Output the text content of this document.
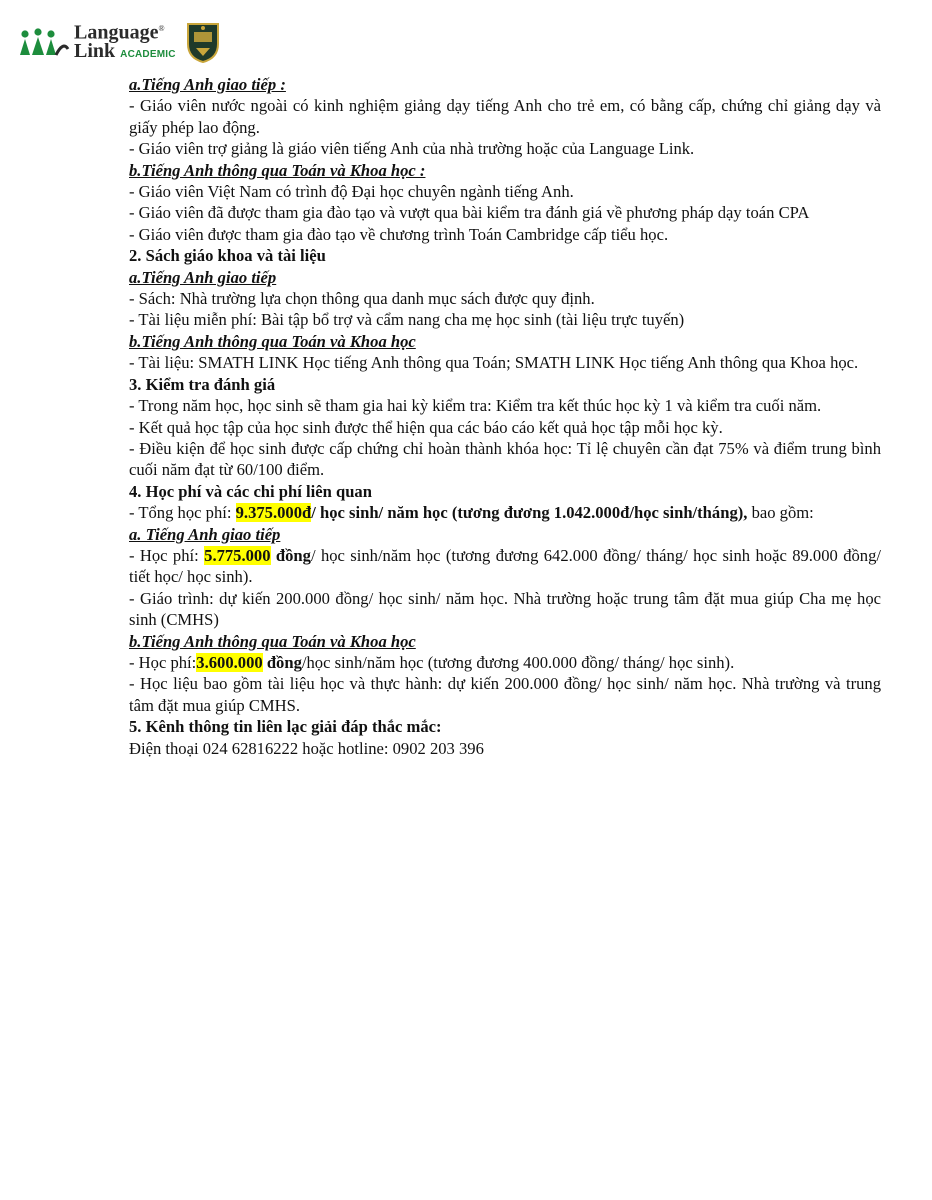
Language®
Link ACADEMIC

a.Tiếng Anh giao tiếp :

- Giáo viên nước ngoài có kinh nghiệm giảng dạy tiếng Anh cho trẻ em, có bằng cấp, chứng chỉ giảng dạy và giấy phép lao động.

- Giáo viên trợ giảng là giáo viên tiếng Anh của nhà trường hoặc của Language Link.

b.Tiếng Anh thông qua Toán và Khoa học :

- Giáo viên Việt Nam có trình độ Đại học chuyên ngành tiếng Anh.

- Giáo viên đã được tham gia đào tạo và vượt qua bài kiểm tra đánh giá về phương pháp dạy toán CPA

- Giáo viên được tham gia đào tạo về chương trình Toán Cambridge cấp tiểu học.

2. Sách giáo khoa và tài liệu

a.Tiếng Anh giao tiếp

- Sách: Nhà trường lựa chọn thông qua danh mục sách được quy định.

- Tài liệu miễn phí: Bài tập bổ trợ và cẩm nang cha mẹ học sinh (tài liệu trực tuyến)

b.Tiếng Anh thông qua Toán và Khoa học

- Tài liệu: SMATH LINK Học tiếng Anh thông qua Toán; SMATH LINK Học tiếng Anh thông qua Khoa học.

3. Kiểm tra đánh giá

- Trong năm học, học sinh sẽ tham gia hai kỳ kiểm tra: Kiểm tra kết thúc học kỳ 1 và kiểm tra cuối năm.

- Kết quả học tập của học sinh được thể hiện qua các báo cáo kết quả học tập mỗi học kỳ.

- Điều kiện để học sinh được cấp chứng chỉ hoàn thành khóa học: Tỉ lệ chuyên cần đạt 75% và điểm trung bình cuối năm đạt từ 60/100 điểm.

4. Học phí và các chi phí liên quan

- Tổng học phí: 9.375.000đ/ học sinh/ năm học (tương đương 1.042.000đ/học sinh/tháng), bao gồm:

a. Tiếng Anh giao tiếp

- Học phí: 5.775.000 đồng/ học sinh/năm học (tương đương 642.000 đồng/ tháng/ học sinh hoặc 89.000 đồng/ tiết học/ học sinh).

- Giáo trình: dự kiến 200.000 đồng/ học sinh/ năm học. Nhà trường hoặc trung tâm đặt mua giúp Cha mẹ học sinh (CMHS)

b.Tiếng Anh thông qua Toán và Khoa học

- Học phí:3.600.000 đồng/học sinh/năm học (tương đương 400.000 đồng/ tháng/ học sinh).

- Học liệu bao gồm tài liệu học và thực hành: dự kiến 200.000 đồng/ học sinh/ năm học. Nhà trường và trung tâm đặt mua giúp CMHS.

5. Kênh thông tin liên lạc giải đáp thắc mắc:

Điện thoại 024 62816222 hoặc hotline: 0902 203 396
